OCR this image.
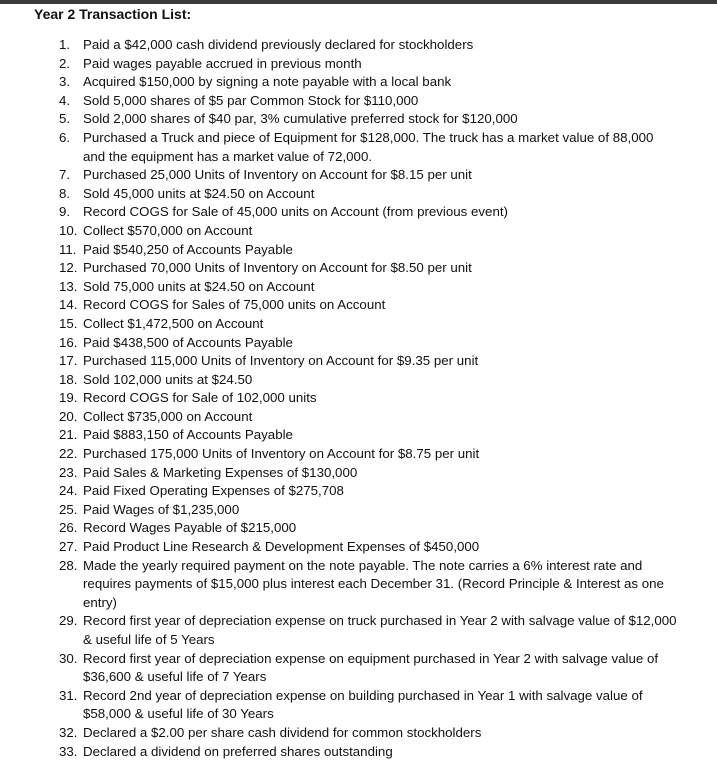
Year 2 Transaction List:
1. Paid a $42,000 cash dividend previously declared for stockholders
2. Paid wages payable accrued in previous month
3. Acquired $150,000 by signing a note payable with a local bank
4. Sold 5,000 shares of $5 par Common Stock for $110,000
5. Sold 2,000 shares of $40 par, 3% cumulative preferred stock for $120,000
6. Purchased a Truck and piece of Equipment for $128,000. The truck has a market value of 88,000 and the equipment has a market value of 72,000.
7. Purchased 25,000 Units of Inventory on Account for $8.15 per unit
8. Sold 45,000 units at $24.50 on Account
9. Record COGS for Sale of 45,000 units on Account (from previous event)
10. Collect $570,000 on Account
11. Paid $540,250 of Accounts Payable
12. Purchased 70,000 Units of Inventory on Account for $8.50 per unit
13. Sold 75,000 units at $24.50 on Account
14. Record COGS for Sales of 75,000 units on Account
15. Collect $1,472,500 on Account
16. Paid $438,500 of Accounts Payable
17. Purchased 115,000 Units of Inventory on Account for $9.35 per unit
18. Sold 102,000 units at $24.50
19. Record COGS for Sale of 102,000 units
20. Collect $735,000 on Account
21. Paid $883,150 of Accounts Payable
22. Purchased 175,000 Units of Inventory on Account for $8.75 per unit
23. Paid Sales & Marketing Expenses of $130,000
24. Paid Fixed Operating Expenses of $275,708
25. Paid Wages of $1,235,000
26. Record Wages Payable of $215,000
27. Paid Product Line Research & Development Expenses of $450,000
28. Made the yearly required payment on the note payable. The note carries a 6% interest rate and requires payments of $15,000 plus interest each December 31. (Record Principle & Interest as one entry)
29. Record first year of depreciation expense on truck purchased in Year 2 with salvage value of $12,000 & useful life of 5 Years
30. Record first year of depreciation expense on equipment purchased in Year 2 with salvage value of $36,600 & useful life of 7 Years
31. Record 2nd year of depreciation expense on building purchased in Year 1 with salvage value of $58,000 & useful life of 30 Years
32. Declared a $2.00 per share cash dividend for common stockholders
33. Declared a dividend on preferred shares outstanding
